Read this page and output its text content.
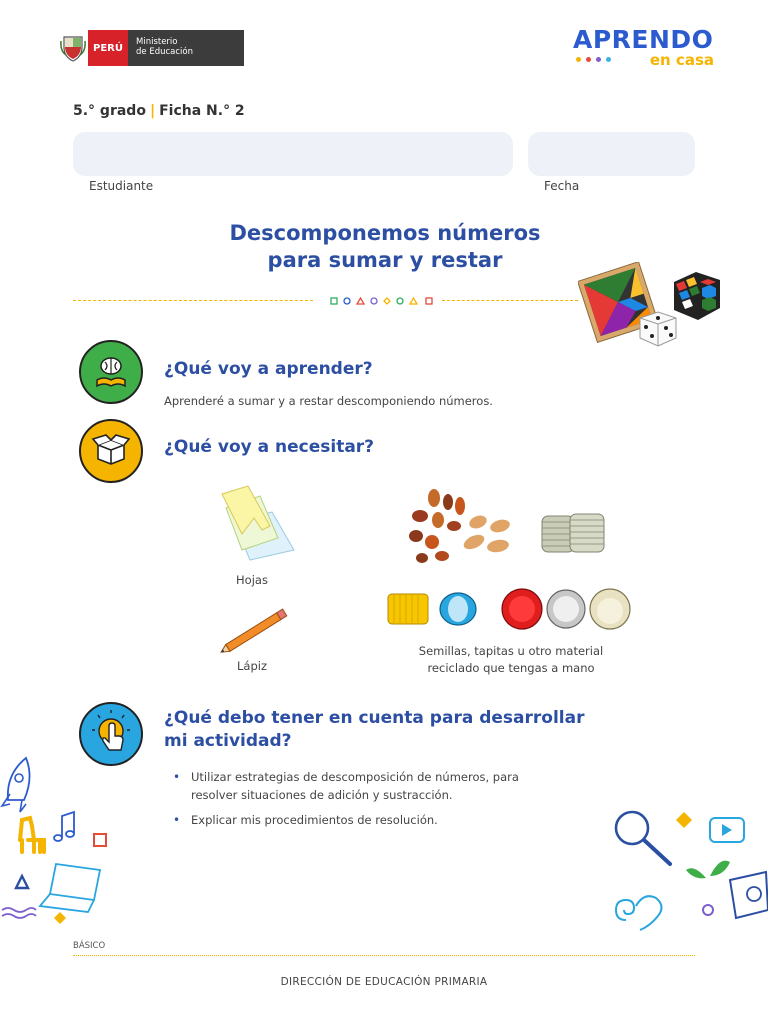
PERÚ
Ministerio
de Educación	APRENDO
en casa
5.° grado | Ficha N.° 2
Estudiante	Fecha
Descomponemos números
para sumar y restar
¿Qué voy a aprender?
Aprenderé a sumar y a restar descomponiendo números.
¿Qué voy a necesitar?
Hojas
Lápiz
Semillas, tapitas u otro material
reciclado que tengas a mano
¿Qué debo tener en cuenta para desarrollar
mi actividad?
• Utilizar estrategias de descomposición de números, para
resolver situaciones de adición y sustracción.
• Explicar mis procedimientos de resolución.
BÁSICO
DIRECCIÓN DE EDUCACIÓN PRIMARIA
